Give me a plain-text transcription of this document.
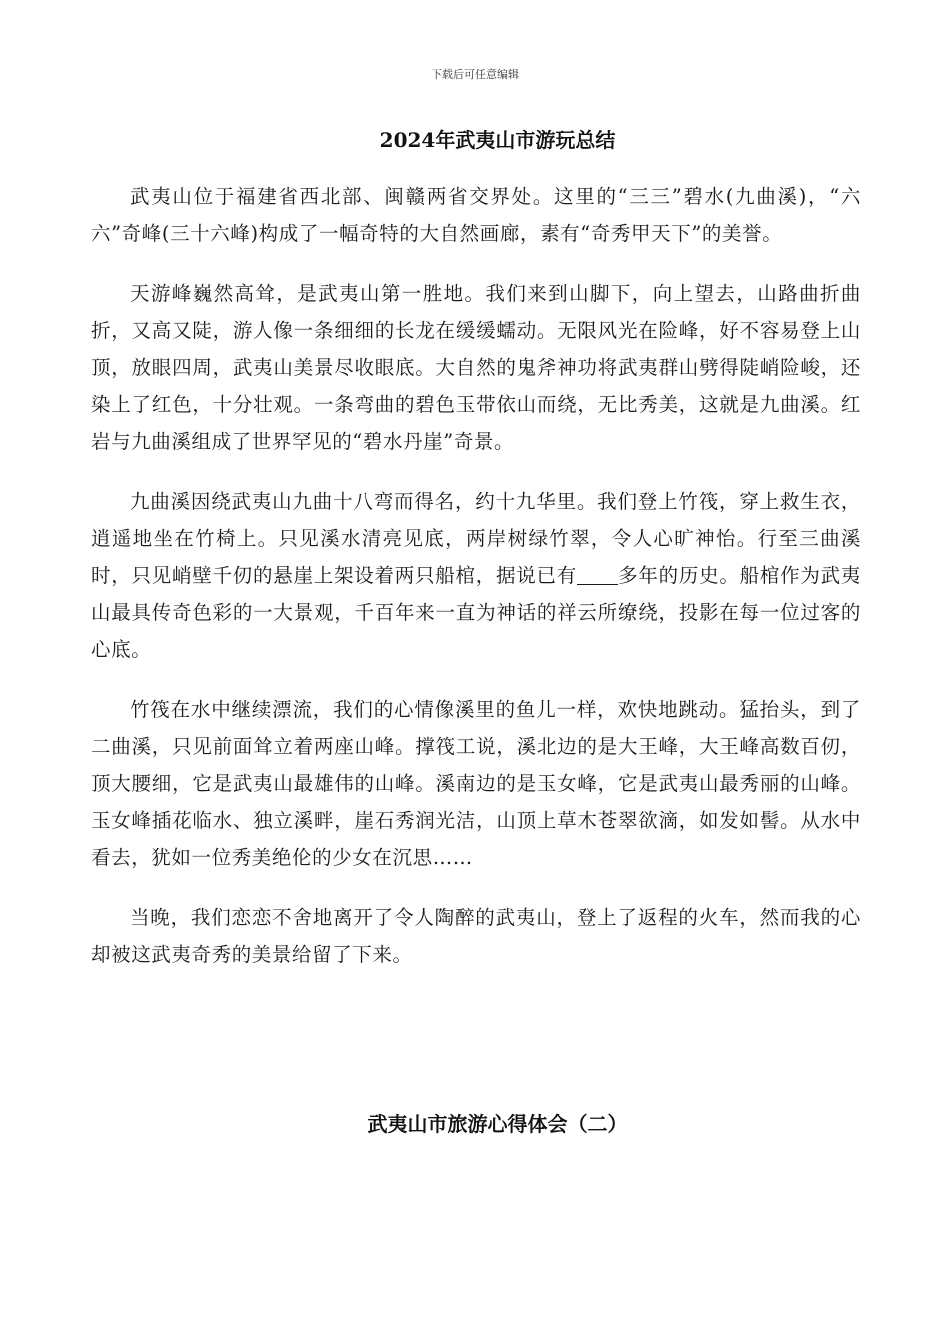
下载后可任意编辑
2024年武夷山市游玩总结

武夷山位于福建省西北部、闽赣两省交界处。这里的“三三”碧水(九曲溪)，“六六”奇峰(三十六峰)构成了一幅奇特的大自然画廊，素有“奇秀甲天下”的美誉。

天游峰巍然高耸，是武夷山第一胜地。我们来到山脚下，向上望去，山路曲折曲折，又高又陡，游人像一条细细的长龙在缓缓蠕动。无限风光在险峰，好不容易登上山顶，放眼四周，武夷山美景尽收眼底。大自然的鬼斧神功将武夷群山劈得陡峭险峻，还染上了红色，十分壮观。一条弯曲的碧色玉带依山而绕，无比秀美，这就是九曲溪。红岩与九曲溪组成了世界罕见的“碧水丹崖”奇景。

九曲溪因绕武夷山九曲十八弯而得名，约十九华里。我们登上竹筏，穿上救生衣，逍遥地坐在竹椅上。只见溪水清亮见底，两岸树绿竹翠，令人心旷神怡。行至三曲溪时，只见峭壁千仞的悬崖上架设着两只船棺，据说已有 多年的历史。船棺作为武夷山最具传奇色彩的一大景观，千百年来一直为神话的祥云所缭绕，投影在每一位过客的心底。

竹筏在水中继续漂流，我们的心情像溪里的鱼儿一样，欢快地跳动。猛抬头，到了二曲溪，只见前面耸立着两座山峰。撑筏工说，溪北边的是大王峰，大王峰高数百仞，顶大腰细，它是武夷山最雄伟的山峰。溪南边的是玉女峰，它是武夷山最秀丽的山峰。玉女峰插花临水、独立溪畔，崖石秀润光洁，山顶上草木苍翠欲滴，如发如髻。从水中看去，犹如一位秀美绝伦的少女在沉思……

当晚，我们恋恋不舍地离开了令人陶醉的武夷山，登上了返程的火车，然而我的心却被这武夷奇秀的美景给留了下来。

武夷山市旅游心得体会（二）
